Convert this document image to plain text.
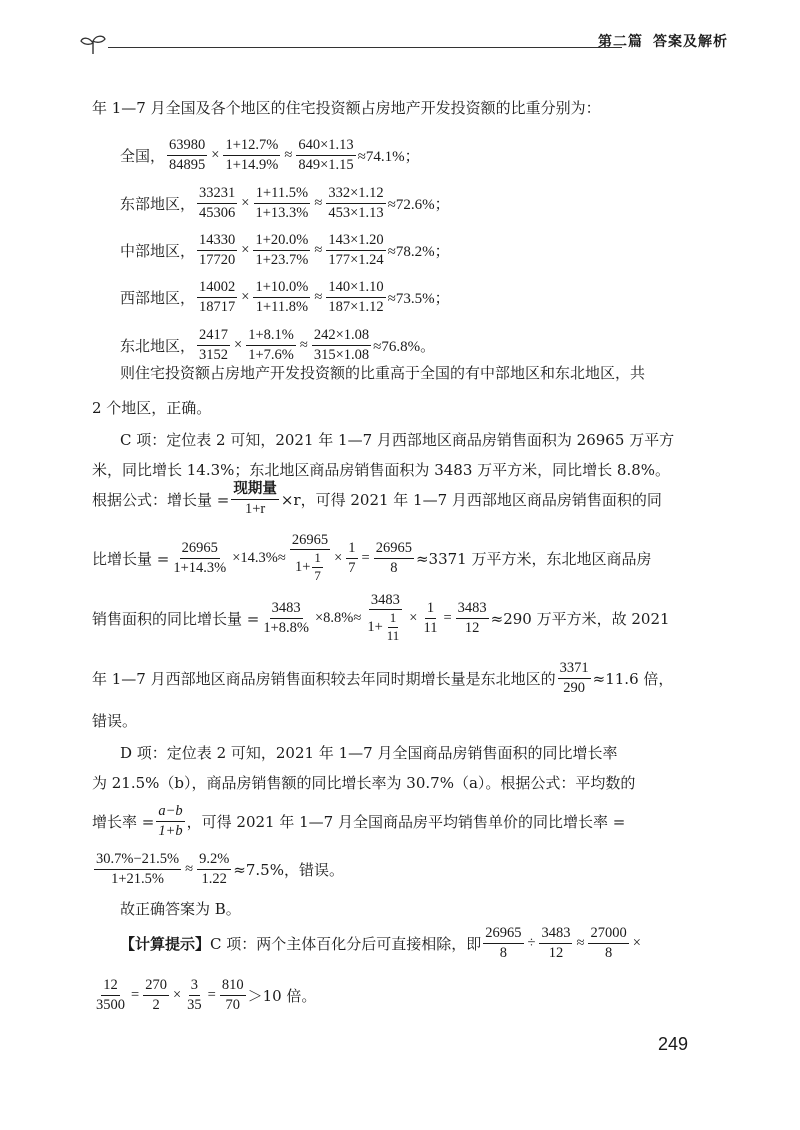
第二篇 答案及解析
年 1—7 月全国及各个地区的住宅投资额占房地产开发投资额的比重分别为：
全国， $\frac{63980}{84895} \times \frac{1+12.7\%}{1+14.9\%} \approx \frac{640\times 1.13}{849\times 1.15} \approx 74.1\%$；
东部地区， $\frac{33231}{45306} \times \frac{1+11.5\%}{1+13.3\%} \approx \frac{332\times 1.12}{453\times 1.13} \approx 72.6\%$；
中部地区， $\frac{14330}{17720} \times \frac{1+20.0\%}{1+23.7\%} \approx \frac{143\times 1.20}{177\times 1.24} \approx 78.2\%$；
西部地区， $\frac{14002}{18717} \times \frac{1+10.0\%}{1+11.8\%} \approx \frac{140\times 1.10}{187\times 1.12} \approx 73.5\%$；
东北地区， $\frac{2417}{3152} \times \frac{1+8.1\%}{1+7.6\%} \approx \frac{242\times 1.08}{315\times 1.08} \approx 76.8\%$。
则住宅投资额占房地产开发投资额的比重高于全国的有中部地区和东北地区，共
2 个地区，正确。
C 项：定位表 2 可知，2021 年 1—7 月西部地区商品房销售面积为 26965 万平方
米，同比增长 14.3%；东北地区商品房销售面积为 3483 万平方米，同比增长 8.8%。
根据公式：增长量 = $\frac{\text{现期量}}{1+r} \times r$，可得 2021 年 1—7 月西部地区商品房销售面积的同
比增长量 = $\frac{26965}{1+14.3\%} \times 14.3\%\approx \frac{26965}{1+ \frac{1}{7}} \times \frac{1}{7} = \frac{26965}{8} \approx 3371$ 万平方米，东北地区商品房
销售面积的同比增长量 = $\frac{3483}{1+8.8\%} \times 8.8\%\approx \frac{3483}{1+ \frac{1}{11}} \times \frac{1}{11} = \frac{3483}{12} \approx 290$ 万平方米，故 2021
年 1—7 月西部地区商品房销售面积较去年同时期增长量是东北地区的 $\frac{3371}{290} \approx 11.6$ 倍，
错误。
D 项：定位表 2 可知，2021 年 1—7 月全国商品房销售面积的同比增长率
为 21.5%（b），商品房销售额的同比增长率为 30.7%（a）。根据公式：平均数的
增长率 = $\frac{a-b}{1+b}$ ，可得 2021 年 1—7 月全国商品房平均销售单价的同比增长率 =
$\frac{30.7\%-21.5\%}{1+21.5\%} \approx \frac{9.2\%}{1.22} \approx 7.5\%$，错误。
故正确答案为 B。
【计算提示】 C 项：两个主体百化分后可直接相除，即 $\frac{26965}{8} \div \frac{3483}{12} \approx \frac{27000}{8}$ ×
$\frac{12}{3500} = \frac{270}{2} \times \frac{3}{35} = \frac{810}{70} >10$ 倍。
249
